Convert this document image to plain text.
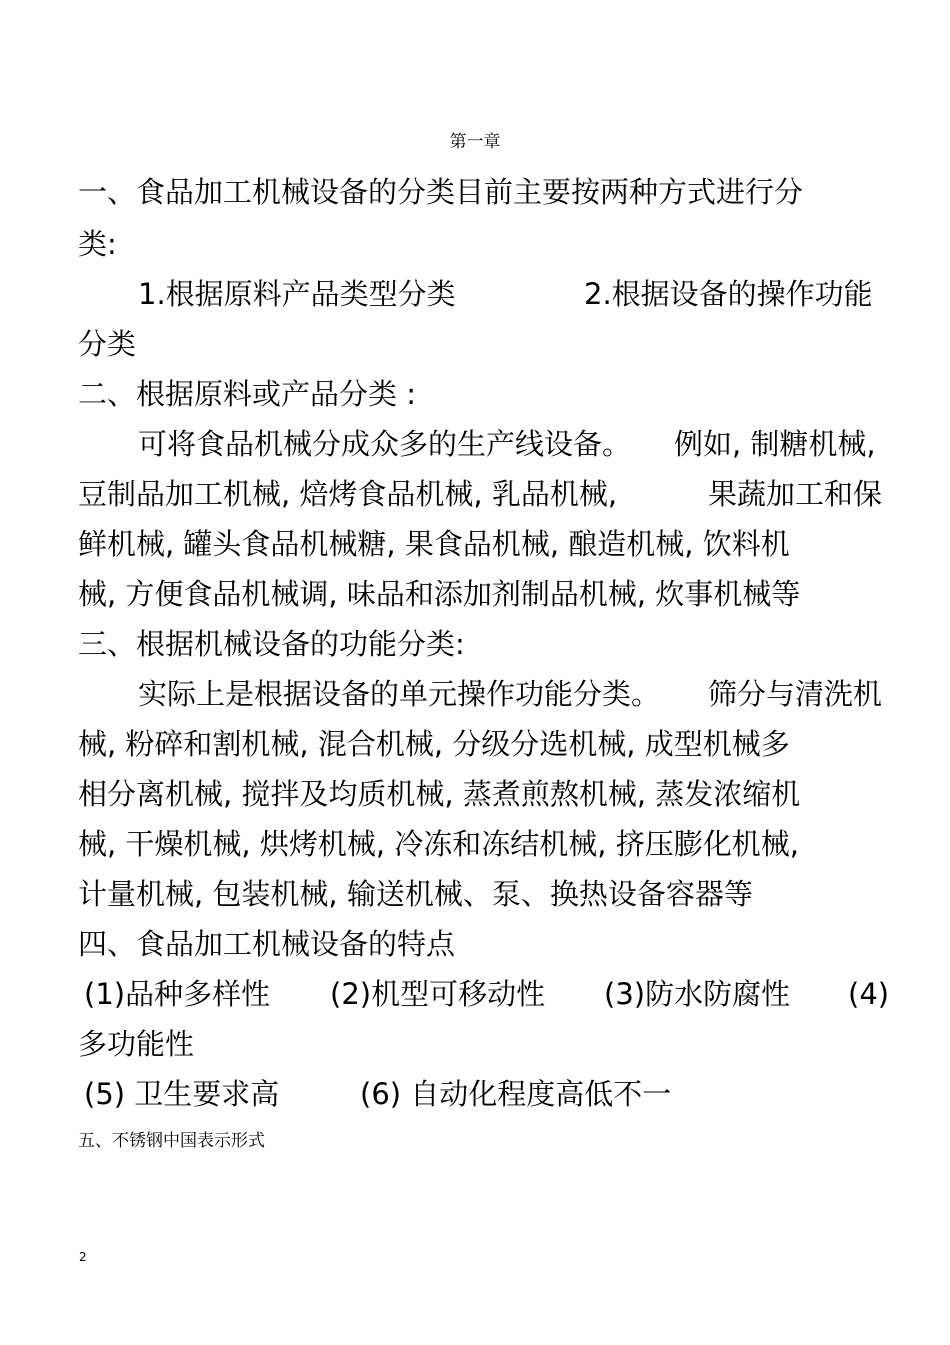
第一章
一、食品加工机械设备的分类目前主要按两种方式进行分
类:
1.根据原料产品类型分类	2.根据设备的操作功能
分类
二、根据原料或产品分类 :
可将食品机械分成众多的生产线设备。 例如, 制糖机械,
豆制品加工机械, 焙烤食品机械, 乳品机械,	果蔬加工和保
鲜机械, 罐头食品机械糖, 果食品机械, 酿造机械, 饮料机
械, 方便食品机械调, 味品和添加剂制品机械, 炊事机械等
三、根据机械设备的功能分类:
实际上是根据设备的单元操作功能分类。 筛分与清洗机
械, 粉碎和割机械, 混合机械, 分级分选机械, 成型机械多
相分离机械, 搅拌及均质机械, 蒸煮煎熬机械, 蒸发浓缩机
械, 干燥机械, 烘烤机械, 冷冻和冻结机械, 挤压膨化机械,
计量机械, 包装机械, 输送机械、泵、换热设备容器等
四、食品加工机械设备的特点
(1)品种多样性 (2)机型可移动性 (3)防水防腐性 (4)
多功能性
(5) 卫生要求高	(6) 自动化程度高低不一
五、不锈钢中国表示形式
2
